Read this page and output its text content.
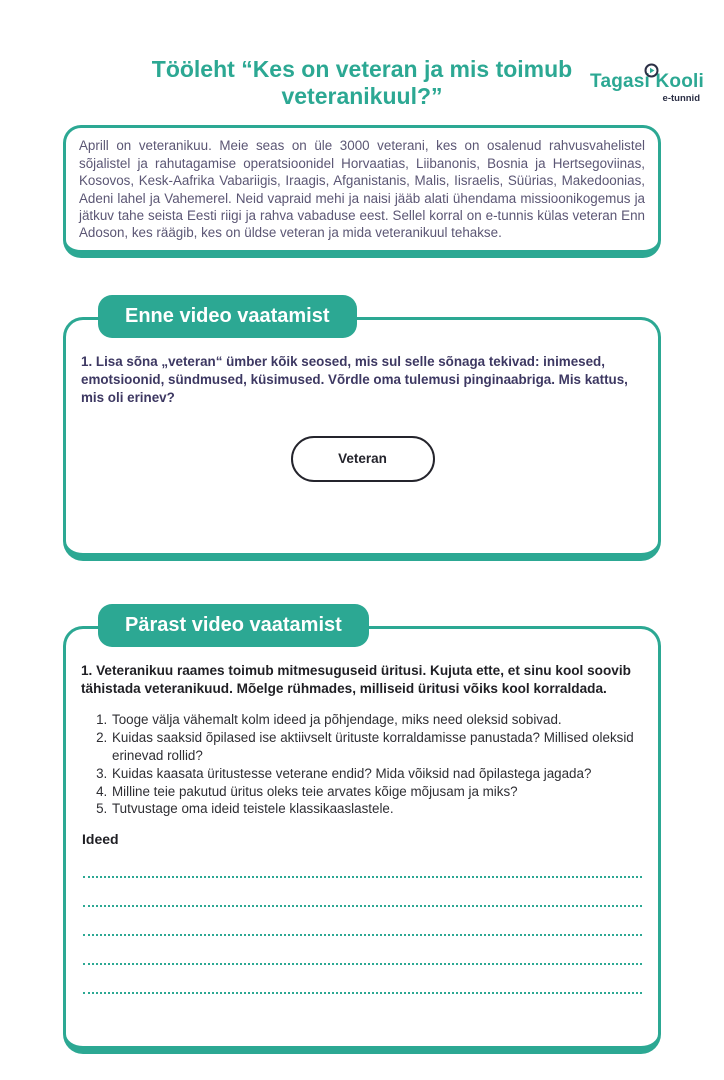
Tagasi Kooli
e-tunnid
Tööleht “Kes on veteran ja mis toimub veteranikuul?”

Aprill on veteranikuu. Meie seas on üle 3000 veterani, kes on osalenud rahvusvahelistel sõjalistel ja rahutagamise operatsioonidel Horvaatias, Liibanonis, Bosnia ja Hertsegoviinas, Kosovos, Kesk-Aafrika Vabariigis, Iraagis, Afganistanis, Malis, Iisraelis, Süürias, Makedoonias, Adeni lahel ja Vahemerel. Neid vapraid mehi ja naisi jääb alati ühendama missioonikogemus ja jätkuv tahe seista Eesti riigi ja rahva vabaduse eest. Sellel korral on e-tunnis külas veteran Enn Adoson, kes räägib, kes on üldse veteran ja mida veteranikuul tehakse.

Enne video vaatamist

1. Lisa sõna „veteran“ ümber kõik seosed, mis sul selle sõnaga tekivad: inimesed, emotsioonid, sündmused, küsimused. Võrdle oma tulemusi pinginaabriga. Mis kattus, mis oli erinev?

Veteran
Pärast video vaatamist

1. Veteranikuu raames toimub mitmesuguseid üritusi. Kujuta ette, et sinu kool soovib tähistada veteranikuud. Mõelge rühmades, milliseid üritusi võiks kool korraldada.

1. Tooge välja vähemalt kolm ideed ja põhjendage, miks need oleksid sobivad.
2. Kuidas saaksid õpilased ise aktiivselt ürituste korraldamisse panustada? Millised oleksid erinevad rollid?
3. Kuidas kaasata üritustesse veterane endid? Mida võiksid nad õpilastega jagada?
4. Milline teie pakutud üritus oleks teie arvates kõige mõjusam ja miks?
5. Tutvustage oma ideid teistele klassikaaslastele.

Ideed
